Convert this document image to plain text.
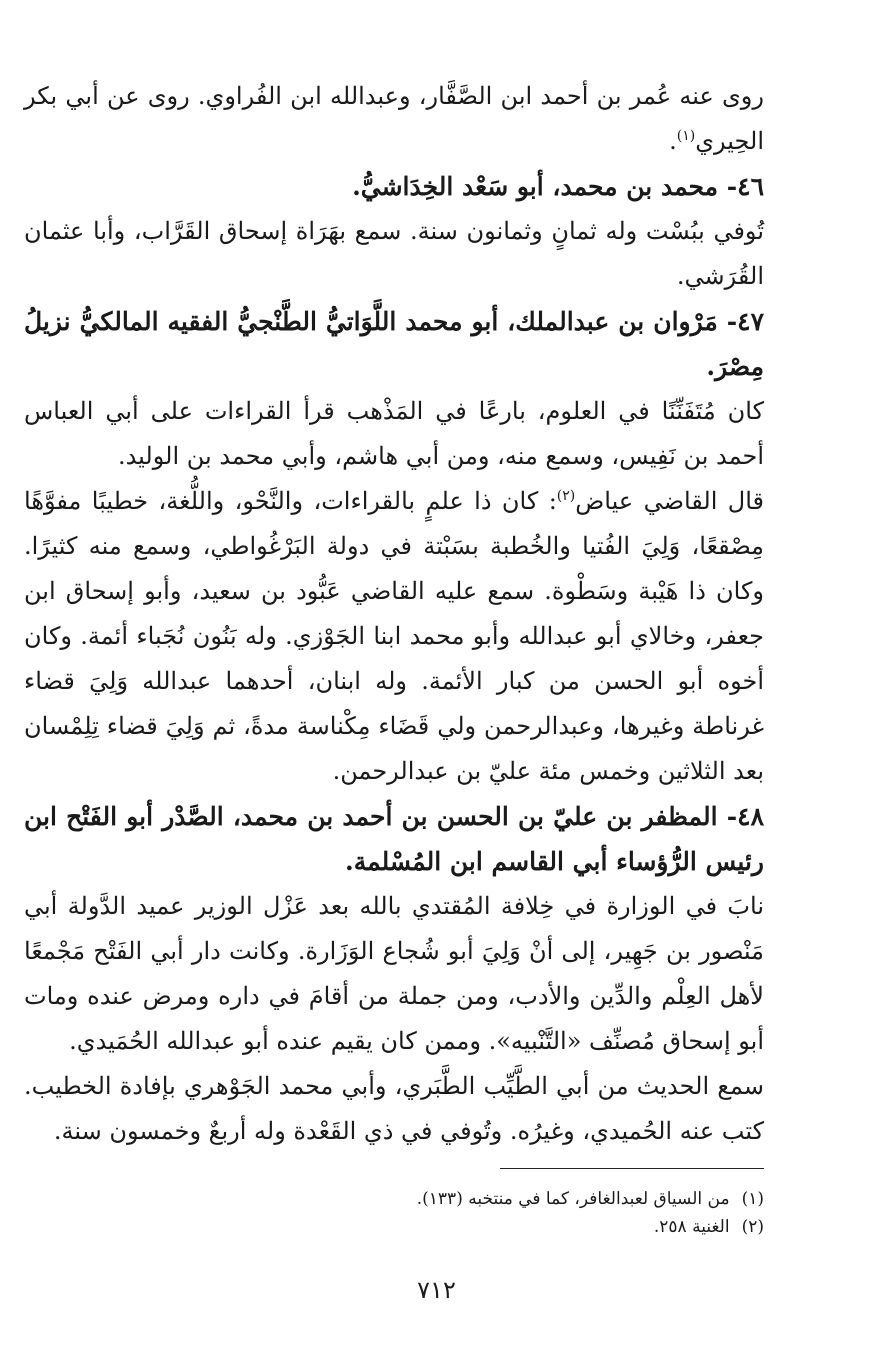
روى عنه عُمر بن أحمد ابن الصَّفَّار، وعبدالله ابن الفُراوي. روى عن أبي بكر الحِيري$^{(١)}$.

٤٦- محمد بن محمد، أبو سَعْد الخِدَاشيُّ.

تُوفي ببُسْت وله ثمانٍ وثمانون سنة. سمع بهَرَاة إسحاق القَرَّاب، وأبا عثمان القُرَشي.

٤٧- مَرْوان بن عبدالملك، أبو محمد اللَّوَاتيُّ الطَّنْجيُّ الفقيه المالكيُّ نزيلُ مِصْرَ.

كان مُتَفَنِّنًا في العلوم، بارعًا في المَذْهب قرأ القراءات على أبي العباس أحمد بن نَفِيس، وسمع منه، ومن أبي هاشم، وأبي محمد بن الوليد.

قال القاضي عياض$^{(٢)}$: كان ذا علمٍ بالقراءات، والنَّحْو، واللُّغة، خطيبًا مفوَّهًا مِصْقعًا، وَلِيَ الفُتيا والخُطبة بسَبْتة في دولة البَرْغُواطي، وسمع منه كثيرًا. وكان ذا هَيْبة وسَطْوة. سمع عليه القاضي عَبُّود بن سعيد، وأبو إسحاق ابن جعفر، وخالاي أبو عبدالله وأبو محمد ابنا الجَوْزي. وله بَنُون نُجَباء أئمة. وكان أخوه أبو الحسن من كبار الأئمة. وله ابنان، أحدهما عبدالله وَلِيَ قضاء غرناطة وغيرها، وعبدالرحمن ولي قَضَاء مِكْناسة مدةً، ثم وَلِيَ قضاء تِلِمْسان بعد الثلاثين وخمس مئة عليّ بن عبدالرحمن.

٤٨- المظفر بن عليّ بن الحسن بن أحمد بن محمد، الصَّدْر أبو الفَتْح ابن رئيس الرُّؤساء أبي القاسم ابن المُسْلمة.

نابَ في الوزارة في خِلافة المُقتدي بالله بعد عَزْل الوزير عميد الدَّولة أبي مَنْصور بن جَهِير، إلى أنْ وَلِيَ أبو شُجاع الوَزَارة. وكانت دار أبي الفَتْح مَجْمعًا لأهل العِلْم والدِّين والأدب، ومن جملة من أقامَ في داره ومرض عنده ومات أبو إسحاق مُصنِّف «التَّنْبيه». وممن كان يقيم عنده أبو عبدالله الحُمَيدي.

سمع الحديث من أبي الطَّيِّب الطَّبَري، وأبي محمد الجَوْهري بإفادة الخطيب. كتب عنه الحُميدي، وغيرُه. وتُوفي في ذي القَعْدة وله أربعٌ وخمسون سنة.

(١)
من السياق لعبدالغافر، كما في منتخبه (١٣٣).

(٢)
الغنية ٢٥٨.

٧١٢
